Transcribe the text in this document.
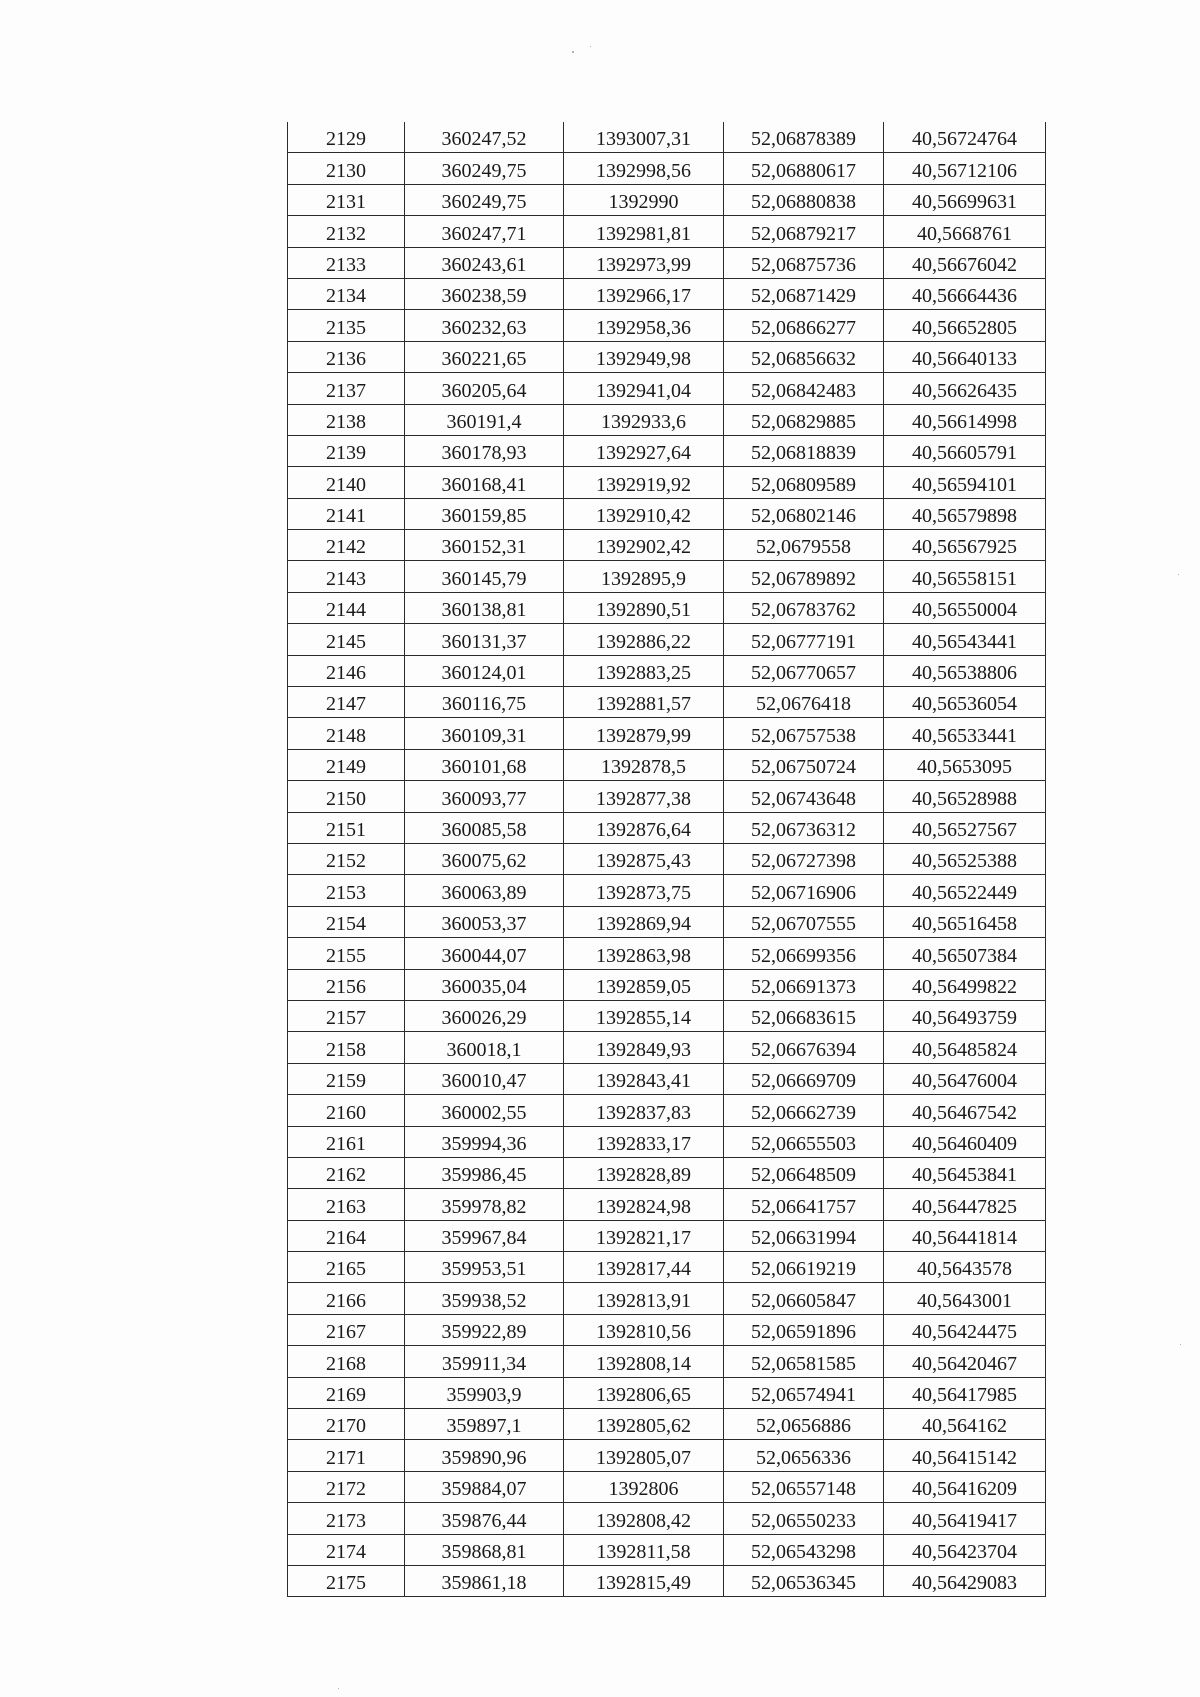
2129	360247,52	1393007,31	52,06878389	40,56724764
2130	360249,75	1392998,56	52,06880617	40,56712106
2131	360249,75	1392990	52,06880838	40,56699631
2132	360247,71	1392981,81	52,06879217	40,5668761
2133	360243,61	1392973,99	52,06875736	40,56676042
2134	360238,59	1392966,17	52,06871429	40,56664436
2135	360232,63	1392958,36	52,06866277	40,56652805
2136	360221,65	1392949,98	52,06856632	40,56640133
2137	360205,64	1392941,04	52,06842483	40,56626435
2138	360191,4	1392933,6	52,06829885	40,56614998
2139	360178,93	1392927,64	52,06818839	40,56605791
2140	360168,41	1392919,92	52,06809589	40,56594101
2141	360159,85	1392910,42	52,06802146	40,56579898
2142	360152,31	1392902,42	52,0679558	40,56567925
2143	360145,79	1392895,9	52,06789892	40,56558151
2144	360138,81	1392890,51	52,06783762	40,56550004
2145	360131,37	1392886,22	52,06777191	40,56543441
2146	360124,01	1392883,25	52,06770657	40,56538806
2147	360116,75	1392881,57	52,0676418	40,56536054
2148	360109,31	1392879,99	52,06757538	40,56533441
2149	360101,68	1392878,5	52,06750724	40,5653095
2150	360093,77	1392877,38	52,06743648	40,56528988
2151	360085,58	1392876,64	52,06736312	40,56527567
2152	360075,62	1392875,43	52,06727398	40,56525388
2153	360063,89	1392873,75	52,06716906	40,56522449
2154	360053,37	1392869,94	52,06707555	40,56516458
2155	360044,07	1392863,98	52,06699356	40,56507384
2156	360035,04	1392859,05	52,06691373	40,56499822
2157	360026,29	1392855,14	52,06683615	40,56493759
2158	360018,1	1392849,93	52,06676394	40,56485824
2159	360010,47	1392843,41	52,06669709	40,56476004
2160	360002,55	1392837,83	52,06662739	40,56467542
2161	359994,36	1392833,17	52,06655503	40,56460409
2162	359986,45	1392828,89	52,06648509	40,56453841
2163	359978,82	1392824,98	52,06641757	40,56447825
2164	359967,84	1392821,17	52,06631994	40,56441814
2165	359953,51	1392817,44	52,06619219	40,5643578
2166	359938,52	1392813,91	52,06605847	40,5643001
2167	359922,89	1392810,56	52,06591896	40,56424475
2168	359911,34	1392808,14	52,06581585	40,56420467
2169	359903,9	1392806,65	52,06574941	40,56417985
2170	359897,1	1392805,62	52,0656886	40,564162
2171	359890,96	1392805,07	52,0656336	40,56415142
2172	359884,07	1392806	52,06557148	40,56416209
2173	359876,44	1392808,42	52,06550233	40,56419417
2174	359868,81	1392811,58	52,06543298	40,56423704
2175	359861,18	1392815,49	52,06536345	40,56429083
